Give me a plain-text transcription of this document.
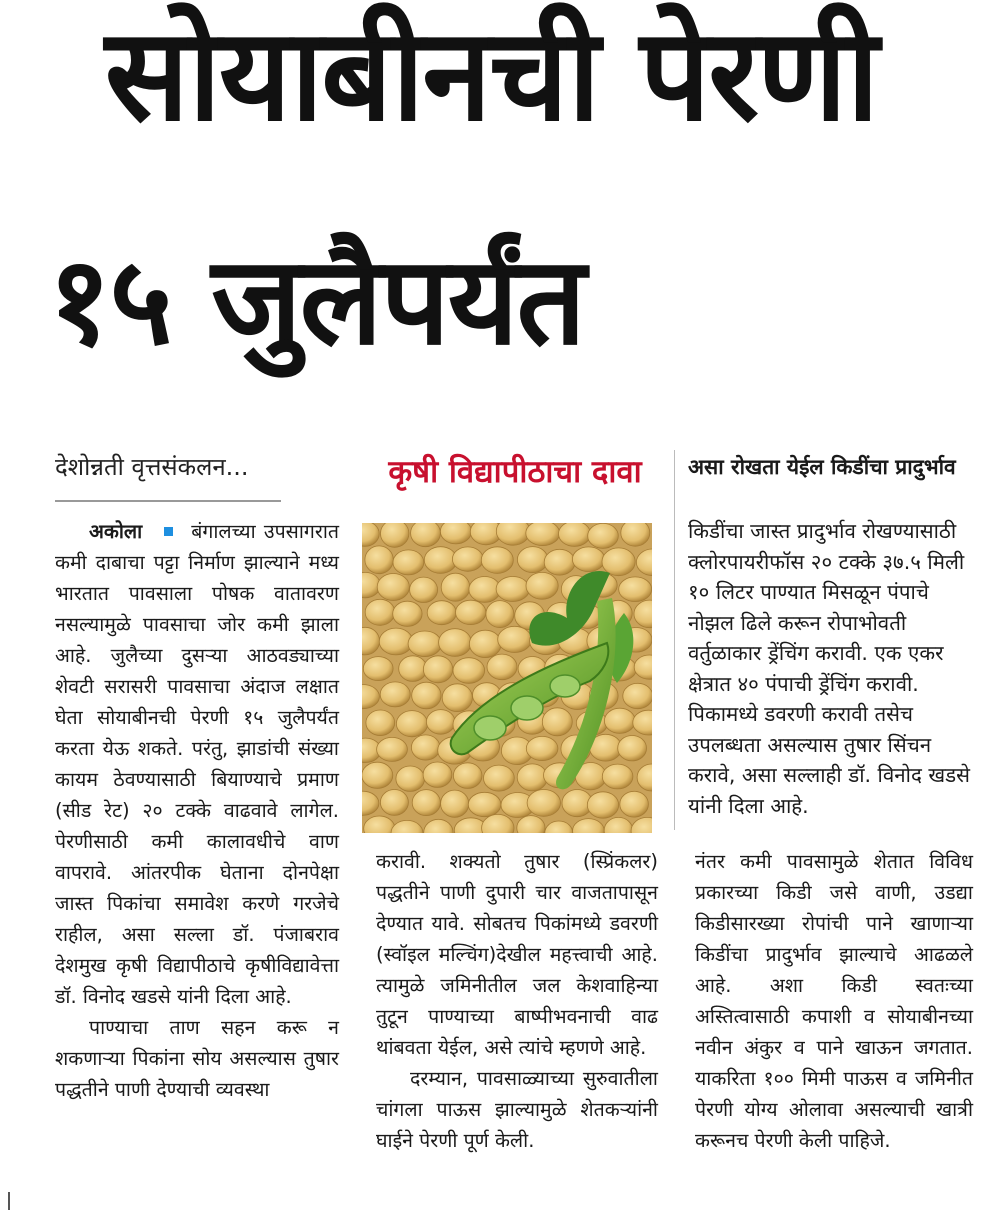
सोयाबीनची पेरणी
१५ जुलैपर्यंत
देशोन्नती वृत्तसंकलन...

अकोला	बंगालच्या उपसागरात कमी दाबाचा पट्टा निर्माण झाल्याने मध्य भारतात पावसाला पोषक वातावरण नसल्यामुळे पावसाचा जोर कमी झाला आहे. जुलैच्या दुसऱ्या आठवड्याच्या शेवटी सरासरी पावसाचा अंदाज लक्षात घेता सोयाबीनची पेरणी १५ जुलैपर्यंत करता येऊ शकते. परंतु, झाडांची संख्या कायम ठेवण्यासाठी बियाण्याचे प्रमाण (सीड रेट) २० टक्के वाढवावे लागेल. पेरणीसाठी कमी कालावधीचे वाण वापरावे. आंतरपीक घेताना दोनपेक्षा जास्त पिकांचा समावेश करणे गरजेचे राहील, असा सल्ला डॉ. पंजाबराव देशमुख कृषी विद्यापीठाचे कृषीविद्यावेत्ता डॉ. विनोद खडसे यांनी दिला आहे.

पाण्याचा ताण सहन करू न शकणाऱ्या पिकांना सोय असल्यास तुषार पद्धतीने पाणी देण्याची व्यवस्था

कृषी विद्यापीठाचा दावा

करावी. शक्यतो तुषार (स्प्रिंकलर) पद्धतीने पाणी दुपारी चार वाजतापासून देण्यात यावे. सोबतच पिकांमध्ये डवरणी (स्वॉइल मल्चिंग)देखील महत्त्वाची आहे. त्यामुळे जमिनीतील जल केशवाहिन्या तुटून पाण्याच्या बाष्पीभवनाची वाढ थांबवता येईल, असे त्यांचे म्हणणे आहे.

दरम्यान, पावसाळ्याच्या सुरुवातीला चांगला पाऊस झाल्यामुळे शेतकऱ्यांनी घाईने पेरणी पूर्ण केली.

असा रोखता येईल किडींचा प्रादुर्भाव
किडींचा जास्त प्रादुर्भाव रोखण्यासाठी क्लोरपायरीफॉस २० टक्के ३७.५ मिली १० लिटर पाण्यात मिसळून पंपाचे नोझल ढिले करून रोपाभोवती वर्तुळाकार ड्रेंचिंग करावी. एक एकर क्षेत्रात ४० पंपाची ड्रेंचिंग करावी. पिकामध्ये डवरणी करावी तसेच उपलब्धता असल्यास तुषार सिंचन करावे, असा सल्लाही डॉ. विनोद खडसे यांनी दिला आहे.

नंतर कमी पावसामुळे शेतात विविध प्रकारच्या किडी जसे वाणी, उडद्या किडीसारख्या रोपांची पाने खाणाऱ्या किडींचा प्रादुर्भाव झाल्याचे आढळले आहे. अशा किडी स्वतःच्या अस्तित्वासाठी कपाशी व सोयाबीनच्या नवीन अंकुर व पाने खाऊन जगतात. याकरिता १०० मिमी पाऊस व जमिनीत पेरणी योग्य ओलावा असल्याची खात्री करूनच पेरणी केली पाहिजे.
